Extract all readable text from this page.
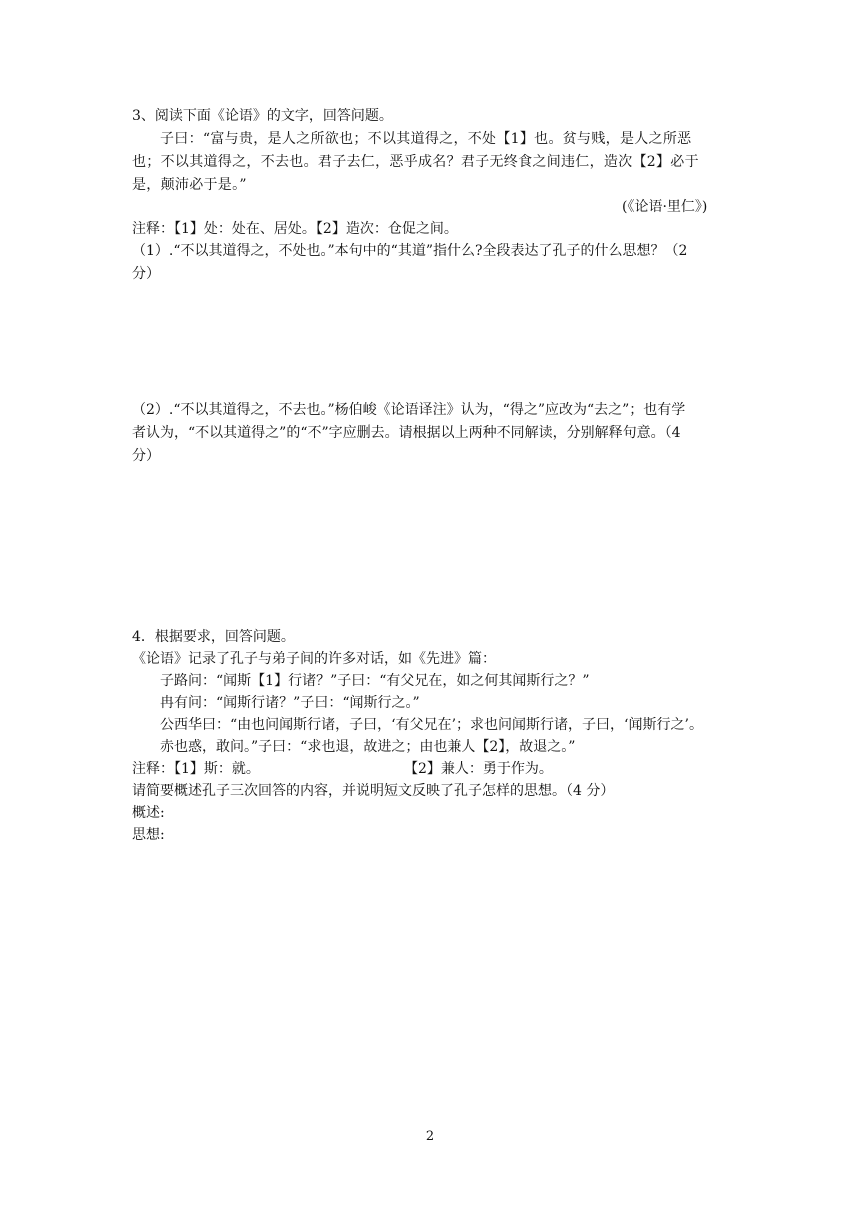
3、阅读下面《论语》的文字，回答问题。
子曰：“富与贵，是人之所欲也；不以其道得之，不处【1】也。贫与贱，是人之所恶
也；不以其道得之，不去也。君子去仁，恶乎成名？君子无终食之间违仁，造次【2】必于
是，颠沛必于是。”
(《论语·里仁》)
注释：【1】处：处在、居处。【2】造次：仓促之间。
（1）.“不以其道得之，不处也。”本句中的“其道”指什么?全段表达了孔子的什么思想？（2
分）
（2）.“不以其道得之，不去也。”杨伯峻《论语译注》认为，“得之”应改为“去之”；也有学
者认为，“不以其道得之”的“不”字应删去。请根据以上两种不同解读，分别解释句意。（4
分）
4．根据要求，回答问题。
《论语》记录了孔子与弟子间的许多对话，如《先进》篇：
子路问：“闻斯【1】行诸？”子曰：“有父兄在，如之何其闻斯行之？”
冉有问：“闻斯行诸？”子曰：“闻斯行之。”
公西华曰：“由也问闻斯行诸，子曰，‘有父兄在’；求也问闻斯行诸，子曰，‘闻斯行之’。
赤也惑，敢问。”子曰：“求也退，故进之；由也兼人【2】，故退之。”
注释：【1】斯：就。	【2】兼人：勇于作为。
请简要概述孔子三次回答的内容，并说明短文反映了孔子怎样的思想。（4 分）
概述:
思想:
2
